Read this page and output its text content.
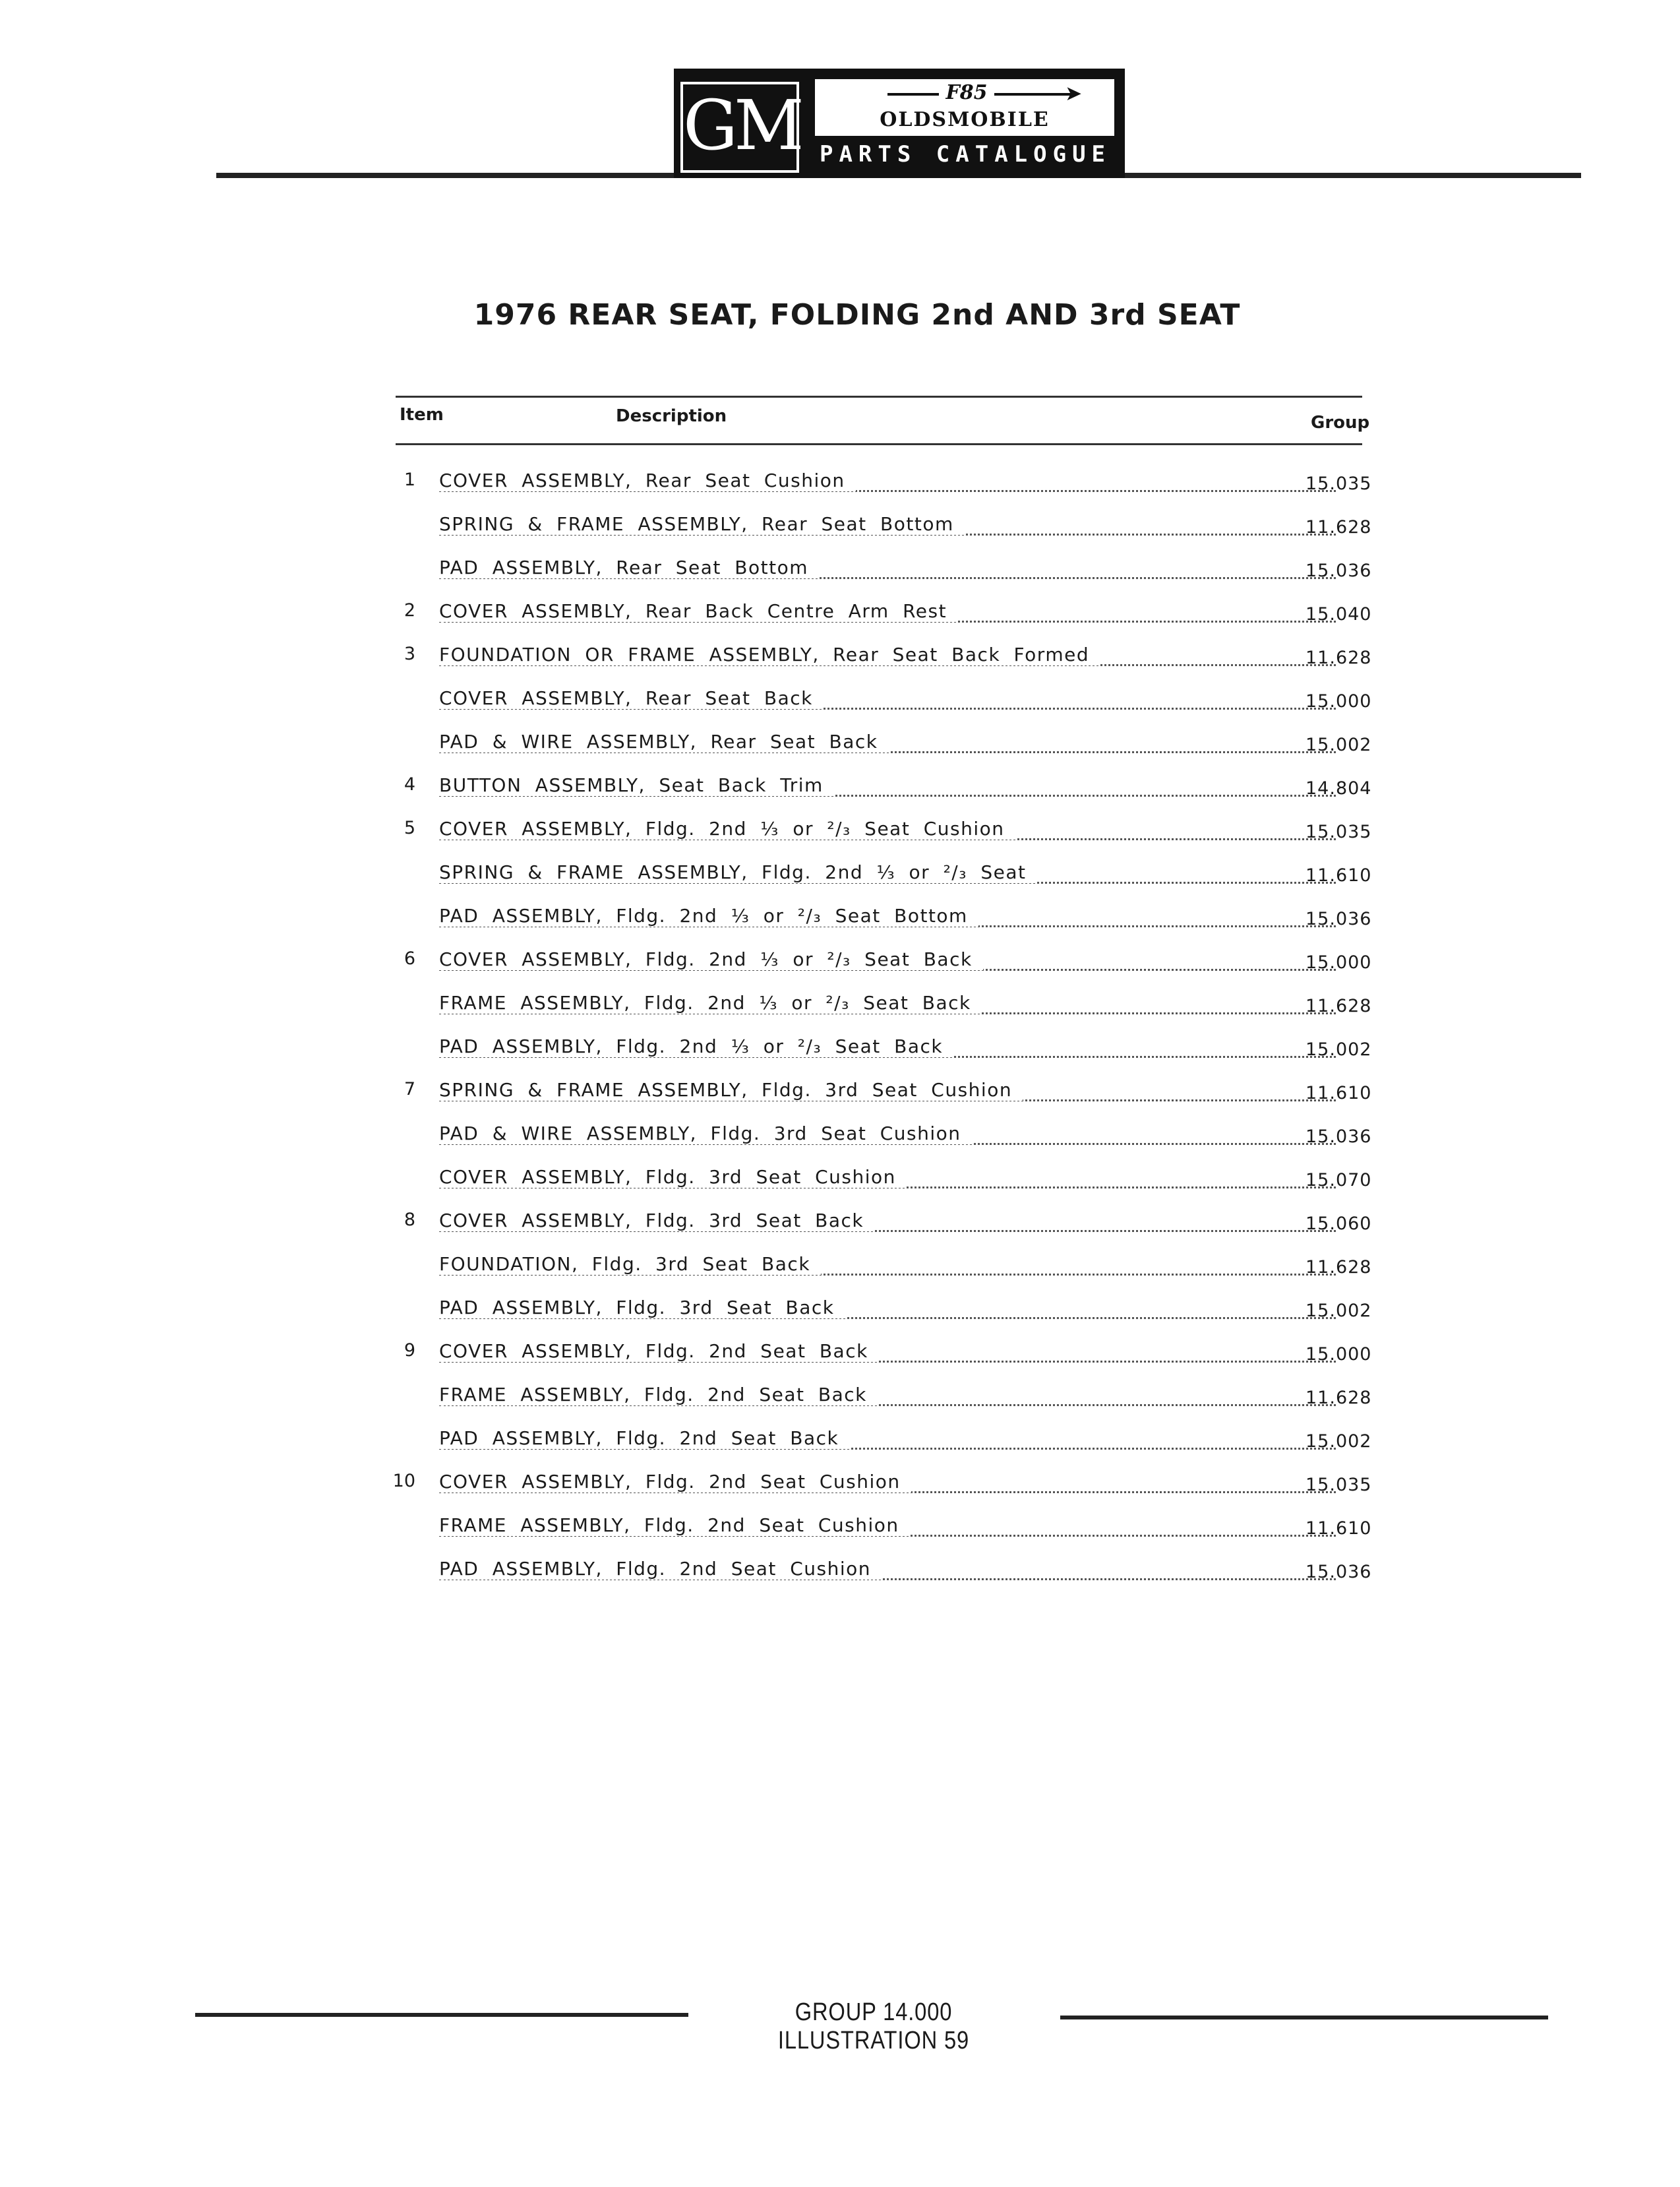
GM	➤
F85
OLDSMOBILE
PARTS CATALOGUE
1976 REAR SEAT, FOLDING 2nd AND 3rd SEAT
Item	Description	Group
1 COVER ASSEMBLY, Rear Seat Cushion	15.035
SPRING & FRAME ASSEMBLY, Rear Seat Bottom	11.628
PAD ASSEMBLY, Rear Seat Bottom	15.036
2 COVER ASSEMBLY, Rear Back Centre Arm Rest	15.040
3 FOUNDATION OR FRAME ASSEMBLY, Rear Seat Back Formed	11.628
COVER ASSEMBLY, Rear Seat Back	15.000
PAD & WIRE ASSEMBLY, Rear Seat Back	15.002
4 BUTTON ASSEMBLY, Seat Back Trim	14.804
5 COVER ASSEMBLY, Fldg. 2nd ⅓ or ²/₃ Seat Cushion	15.035
SPRING & FRAME ASSEMBLY, Fldg. 2nd ⅓ or ²/₃ Seat	11.610
PAD ASSEMBLY, Fldg. 2nd ⅓ or ²/₃ Seat Bottom	15.036
6 COVER ASSEMBLY, Fldg. 2nd ⅓ or ²/₃ Seat Back	15.000
FRAME ASSEMBLY, Fldg. 2nd ⅓ or ²/₃ Seat Back	11.628
PAD ASSEMBLY, Fldg. 2nd ⅓ or ²/₃ Seat Back	15.002
7 SPRING & FRAME ASSEMBLY, Fldg. 3rd Seat Cushion	11.610
PAD & WIRE ASSEMBLY, Fldg. 3rd Seat Cushion	15.036
COVER ASSEMBLY, Fldg. 3rd Seat Cushion	15.070
8 COVER ASSEMBLY, Fldg. 3rd Seat Back	15.060
FOUNDATION, Fldg. 3rd Seat Back	11.628
PAD ASSEMBLY, Fldg. 3rd Seat Back	15.002
9 COVER ASSEMBLY, Fldg. 2nd Seat Back	15.000
FRAME ASSEMBLY, Fldg. 2nd Seat Back	11.628
PAD ASSEMBLY, Fldg. 2nd Seat Back	15.002
10 COVER ASSEMBLY, Fldg. 2nd Seat Cushion	15.035
FRAME ASSEMBLY, Fldg. 2nd Seat Cushion	11.610
PAD ASSEMBLY, Fldg. 2nd Seat Cushion	15.036
GROUP 14.000 ILLUSTRATION 59
